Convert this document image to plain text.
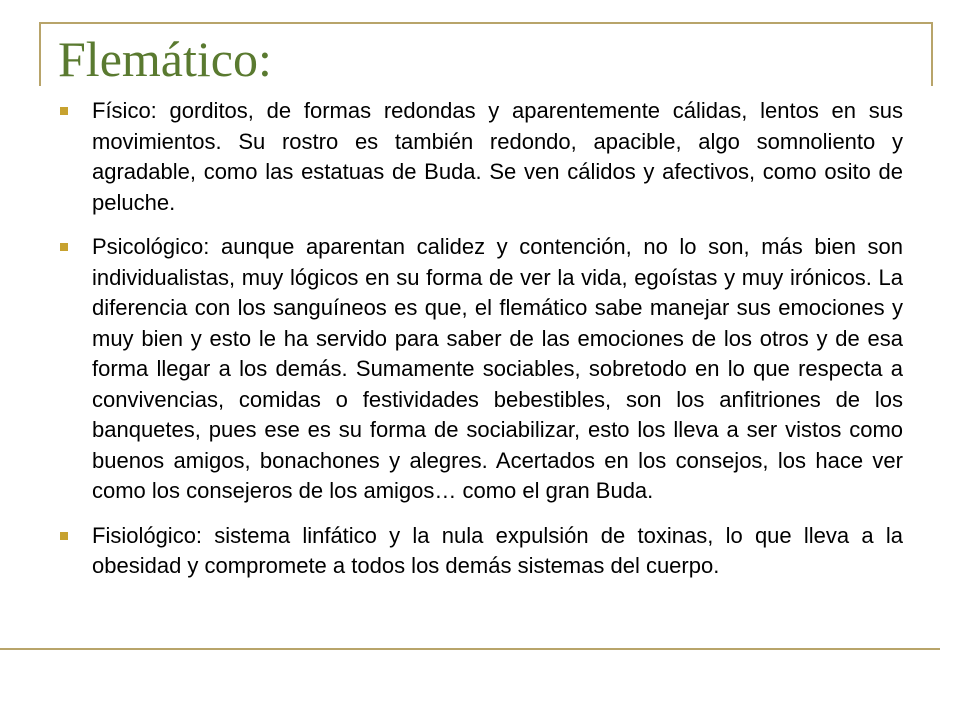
Flemático:
Físico: gorditos, de formas redondas y aparentemente cálidas, lentos en sus movimientos. Su rostro es también redondo, apacible, algo somnoliento y agradable, como las estatuas de Buda. Se ven cálidos y afectivos, como osito de peluche.
Psicológico: aunque aparentan calidez y contención, no lo son, más bien son individualistas, muy lógicos en su forma de ver la vida, egoístas y muy irónicos. La diferencia con los sanguíneos es que, el flemático sabe manejar sus emociones y muy bien y esto le ha servido para saber de las emociones de los otros y de esa forma llegar a los demás. Sumamente sociables, sobretodo en lo que respecta a convivencias, comidas o festividades bebestibles, son los anfitriones de los banquetes, pues ese es su forma de sociabilizar, esto los lleva a ser vistos como buenos amigos, bonachones y alegres. Acertados en los consejos, los hace ver como los consejeros de los amigos… como el gran Buda.
Fisiológico: sistema linfático y la nula expulsión de toxinas, lo que lleva a la obesidad y compromete a todos los demás sistemas del cuerpo.
